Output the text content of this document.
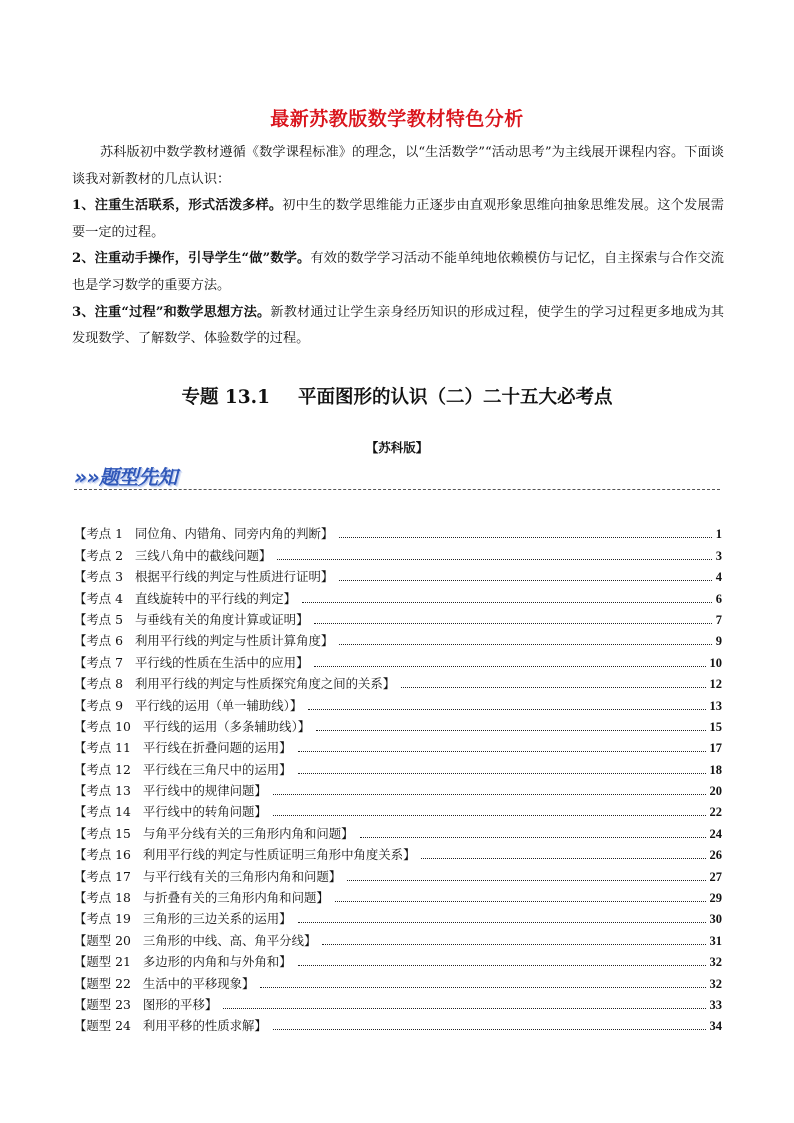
最新苏教版数学教材特色分析

苏科版初中数学教材遵循《数学课程标准》的理念，以“生活数学”“活动思考”为主线展开课程内容。下面谈谈我对新教材的几点认识：

1、注重生活联系，形式活泼多样。初中生的数学思维能力正逐步由直观形象思维向抽象思维发展。这个发展需要一定的过程。

2、注重动手操作，引导学生“做”数学。有效的数学学习活动不能单纯地依赖模仿与记忆，自主探索与合作交流也是学习数学的重要方法。

3、注重“过程”和数学思想方法。新教材通过让学生亲身经历知识的形成过程，使学生的学习过程更多地成为其发现数学、了解数学、体验数学的过程。

专题 13.1 平面图形的认识（二）二十五大必考点
【苏科版】
»»题型先知
【考点 1 同位角、内错角、同旁内角的判断】	1
【考点 2 三线八角中的截线问题】	3
【考点 3 根据平行线的判定与性质进行证明】	4
【考点 4 直线旋转中的平行线的判定】	6
【考点 5 与垂线有关的角度计算或证明】	7
【考点 6 利用平行线的判定与性质计算角度】	9
【考点 7 平行线的性质在生活中的应用】	10
【考点 8 利用平行线的判定与性质探究角度之间的关系】	12
【考点 9 平行线的运用（单一辅助线）】	13
【考点 10 平行线的运用（多条辅助线）】	15
【考点 11 平行线在折叠问题的运用】	17
【考点 12 平行线在三角尺中的运用】	18
【考点 13 平行线中的规律问题】	20
【考点 14 平行线中的转角问题】	22
【考点 15 与角平分线有关的三角形内角和问题】	24
【考点 16 利用平行线的判定与性质证明三角形中角度关系】	26
【考点 17 与平行线有关的三角形内角和问题】	27
【考点 18 与折叠有关的三角形内角和问题】	29
【考点 19 三角形的三边关系的运用】	30
【题型 20 三角形的中线、高、角平分线】	31
【题型 21 多边形的内角和与外角和】	32
【题型 22 生活中的平移现象】	32
【题型 23 图形的平移】	33
【题型 24 利用平移的性质求解】	34
